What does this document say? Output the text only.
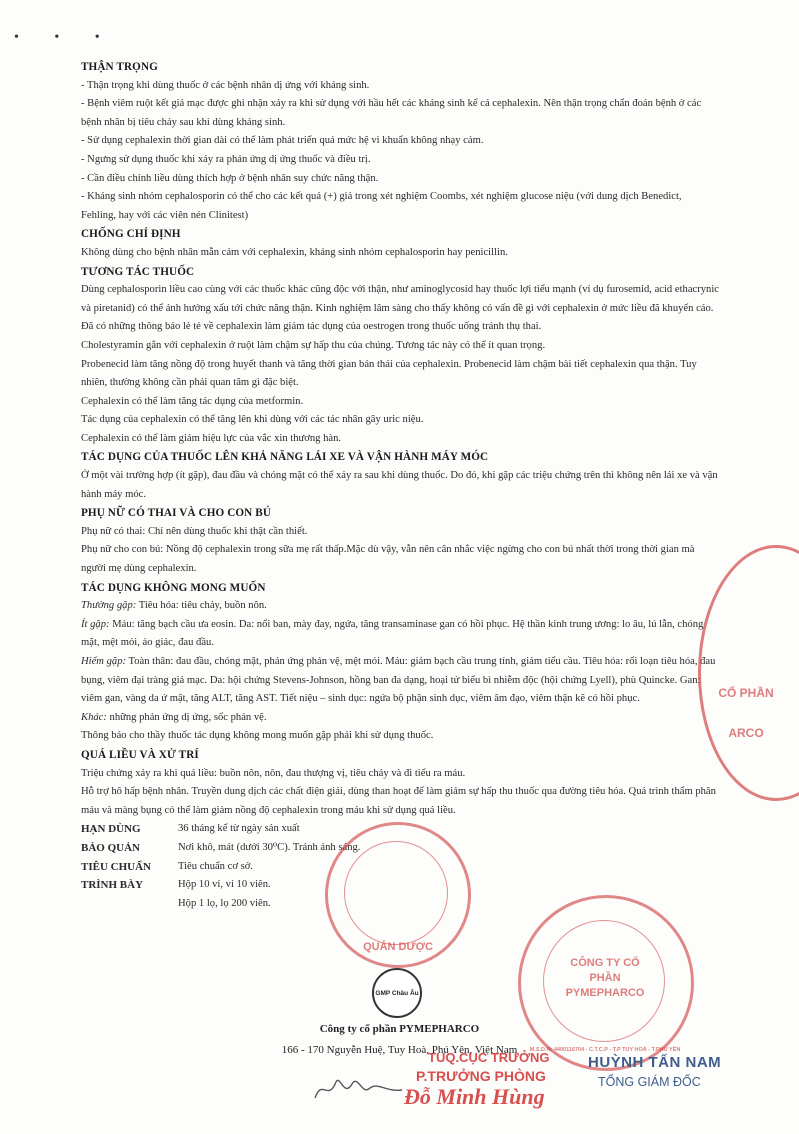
• • •
THẬN TRỌNG

- Thận trọng khi dùng thuốc ở các bệnh nhân dị ứng với kháng sinh.

- Bệnh viêm ruột kết giả mạc được ghi nhận xảy ra khi sử dụng với hầu hết các kháng sinh kể cả cephalexin. Nên thận trọng chẩn đoán bệnh ở các bệnh nhân bị tiêu chảy sau khi dùng kháng sinh.

- Sử dụng cephalexin thời gian dài có thể làm phát triển quá mức hệ vi khuẩn không nhạy cảm.

- Ngưng sử dụng thuốc khi xảy ra phản ứng dị ứng thuốc và điều trị.

- Cần điều chỉnh liều dùng thích hợp ở bệnh nhân suy chức năng thận.

- Kháng sinh nhóm cephalosporin có thể cho các kết quả (+) giả trong xét nghiệm Coombs, xét nghiệm glucose niệu (với dung dịch Benedict, Fehling, hay với các viên nén Clinitest)

CHỐNG CHỈ ĐỊNH

Không dùng cho bệnh nhân mẫn cảm với cephalexin, kháng sinh nhóm cephalosporin hay penicillin.

TƯƠNG TÁC THUỐC

Dùng cephalosporin liều cao cùng với các thuốc khác cũng độc với thận, như aminoglycosid hay thuốc lợi tiểu mạnh (ví dụ furosemid, acid ethacrynic và piretanid) có thể ảnh hưởng xấu tới chức năng thận. Kinh nghiệm lâm sàng cho thấy không có vấn đề gì với cephalexin ở mức liều đã khuyến cáo.

Đã có những thông báo lẻ tẻ về cephalexin làm giảm tác dụng của oestrogen trong thuốc uống tránh thụ thai.

Cholestyramin gắn với cephalexin ở ruột làm chậm sự hấp thu của chúng. Tương tác này có thể ít quan trọng.

Probenecid làm tăng nồng độ trong huyết thanh và tăng thời gian bán thải của cephalexin. Probenecid làm chậm bài tiết cephalexin qua thận. Tuy nhiên, thường không cần phải quan tâm gì đặc biệt.

Cephalexin có thể làm tăng tác dụng của metformin.

Tác dụng của cephalexin có thể tăng lên khi dùng với các tác nhân gây uric niệu.

Cephalexin có thể làm giảm hiệu lực của vắc xin thương hàn.

TÁC DỤNG CỦA THUỐC LÊN KHẢ NĂNG LÁI XE VÀ VẬN HÀNH MÁY MÓC

Ở một vài trường hợp (ít gặp), đau đầu và chóng mặt có thể xảy ra sau khi dùng thuốc. Do đó, khi gặp các triệu chứng trên thì không nên lái xe và vận hành máy móc.

PHỤ NỮ CÓ THAI VÀ CHO CON BÚ

Phụ nữ có thai: Chỉ nên dùng thuốc khi thật cần thiết.

Phụ nữ cho con bú: Nồng độ cephalexin trong sữa mẹ rất thấp.Mặc dù vậy, vẫn nên cân nhắc việc ngừng cho con bú nhất thời trong thời gian mà người mẹ dùng cephalexin.

TÁC DỤNG KHÔNG MONG MUỐN

Thường gặp: Tiêu hóa: tiêu chảy, buồn nôn.

Ít gặp: Máu: tăng bạch cầu ưa eosin. Da: nổi ban, mày đay, ngứa, tăng transaminase gan có hồi phục. Hệ thần kinh trung ương: lo âu, lú lẫn, chóng mặt, mệt mỏi, ảo giác, đau đầu.

Hiếm gặp: Toàn thân: đau đầu, chóng mặt, phản ứng phản vệ, mệt mỏi. Máu: giảm bạch cầu trung tính, giảm tiểu cầu. Tiêu hóa: rối loạn tiêu hóa, đau bụng, viêm đại tràng giả mạc. Da: hội chứng Stevens-Johnson, hồng ban đa dạng, hoại tử biểu bì nhiễm độc (hội chứng Lyell), phù Quincke. Gan: viêm gan, vàng da ứ mật, tăng ALT, tăng AST. Tiết niệu – sinh dục: ngứa bộ phận sinh dục, viêm âm đạo, viêm thận kẽ có hồi phục.

Khác: những phản ứng dị ứng, sốc phản vệ.

Thông báo cho thầy thuốc tác dụng không mong muốn gặp phải khi sử dụng thuốc.

QUÁ LIỀU VÀ XỬ TRÍ

Triệu chứng xảy ra khi quá liều: buồn nôn, nôn, đau thượng vị, tiêu chảy và đi tiểu ra máu.

Hỗ trợ hô hấp bệnh nhân. Truyền dung dịch các chất điện giải, dùng than hoạt để làm giảm sự hấp thu thuốc qua đường tiêu hóa. Quá trình thẩm phân máu và màng bụng có thể làm giảm nồng độ cephalexin trong máu khi sử dụng quá liều.

HẠN DÙNG	36 tháng kể từ ngày sản xuất
BẢO QUẢN	Nơi khô, mát (dưới 30⁰C). Tránh ánh sáng.
TIÊU CHUẨN	Tiêu chuẩn cơ sở.
TRÌNH BÀY	Hộp 10 vỉ, vỉ 10 viên.
Hộp 1 lọ, lọ 200 viên.
CỔ PHẦN ARCO
QUẢN DƯỢC
GMP Châu Âu
Công ty cổ phần PYMEPHARCO
166 - 170 Nguyễn Huệ, Tuy Hoà, Phú Yên, Việt Nam
CÔNG TY CỔ PHẦN PYMEPHARCO
M.S.D.N: 4400116704 - C.T.C.P - T.P TUY HOÀ - T.PHÚ YÊN
TUQ.CỤC TRƯỞNG
P.TRƯỞNG PHÒNG
Đỗ Minh Hùng
HUỲNH TẤN NAM
TỔNG GIÁM ĐỐC
